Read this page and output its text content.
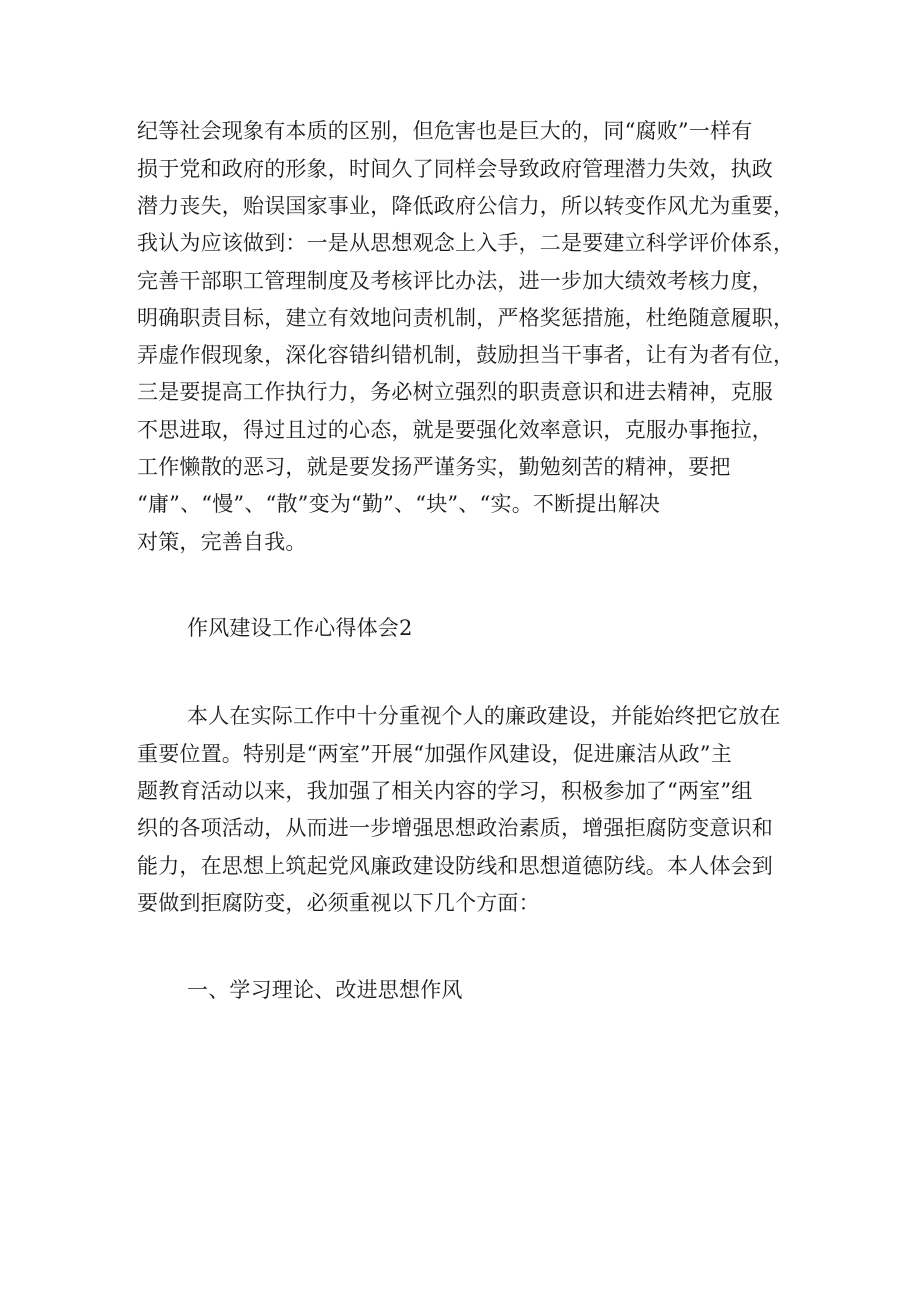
纪等社会现象有本质的区别，但危害也是巨大的，同“腐败”一样有
损于党和政府的形象，时间久了同样会导致政府管理潜力失效，执政
潜力丧失，贻误国家事业，降低政府公信力，所以转变作风尤为重要，
我认为应该做到：一是从思想观念上入手，二是要建立科学评价体系，
完善干部职工管理制度及考核评比办法，进一步加大绩效考核力度，
明确职责目标，建立有效地问责机制，严格奖惩措施，杜绝随意履职，
弄虚作假现象，深化容错纠错机制，鼓励担当干事者，让有为者有位，
三是要提高工作执行力，务必树立强烈的职责意识和进去精神，克服
不思进取，得过且过的心态，就是要强化效率意识，克服办事拖拉，
工作懒散的恶习，就是要发扬严谨务实，勤勉刻苦的精神，要把
“庸”、“慢”、“散”变为“勤”、“块”、“实。不断提出解决
对策，完善自我。
作风建设工作心得体会2
本人在实际工作中十分重视个人的廉政建设，并能始终把它放在
重要位置。特别是“两室”开展“加强作风建设，促进廉洁从政”主
题教育活动以来，我加强了相关内容的学习，积极参加了“两室”组
织的各项活动，从而进一步增强思想政治素质，增强拒腐防变意识和
能力，在思想上筑起党风廉政建设防线和思想道德防线。本人体会到
要做到拒腐防变，必须重视以下几个方面：
一、学习理论、改进思想作风
